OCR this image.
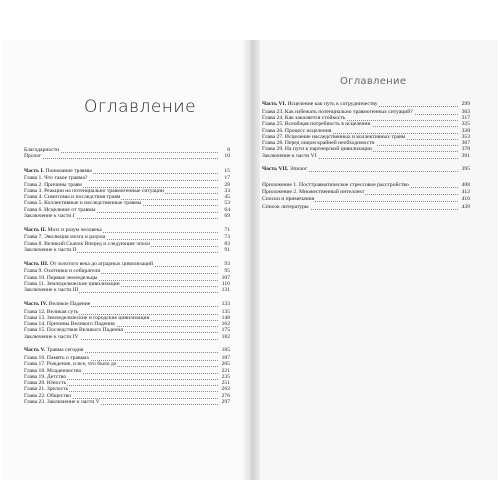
Оглавление
Оглавление
Благодарности	8
Пролог	10
Часть I. Понимание травмы	15
Глава 1. Что такое травма?	17
Глава 2. Причины травм	28
Глава 3. Реакции на потенциально травмогенные ситуации	33
Глава 4. Симптомы и последствия травм	45
Глава 5. Коллективные и наследственные травмы	53
Глава 6. Исцеление от травмы	64
Заключение к части I	69
Часть II. Мозг и разум человека	71
Глава 7. Эволюция мозга и разума	73
Глава 8. Великий Скачок Вперед и следующие эпохи	83
Заключение к части II	91
Часть III. От золотого века до аграрных цивилизаций	93
Глава 9. Охотники и собиратели	95
Глава 10. Первые земледельцы	107
Глава 11. Земледельческие цивилизации	116
Заключение к части III	131
Часть IV. Великое Падение	133
Глава 12. Великая суть	135
Глава 13. Земледельческие и городские цивилизации	148
Глава 14. Причины Великого Падения	162
Глава 15. Последствия Великого Падения	175
Заключение к части IV	182
Часть V. Травма сегодня	185
Глава 16. Память о травмах	187
Глава 17. Рождение, и все, что было до	205
Глава 18. Младенчество	221
Глава 19. Детство	235
Глава 20. Юность	251
Глава 21. Зрелость	262
Глава 22. Общество	276
Глава 23. Заключение к части V	297
Часть VI. Исцеление как путь к сотрудничеству	299
Глава 23. Как избежать потенциально травмогенных ситуаций?	303
Глава 24. Как закаляется стойкость	317
Глава 25. Всеобщая потребность в исцелении	325
Глава 26. Процесс исцеления	338
Глава 27. Исцеление наследственных и коллективных травм	353
Глава 28. Перед лицом крайней необходимости	367
Глава 29. На пути к партнерской цивилизации	378
Заключение к части VI	391
Часть VII. Эпилог	395
Приложение 1. Посттравматическое стрессовое расстройство	408
Приложение 2. Множественный интеллект	412
Сноски и примечания	416
Список литературы	439
